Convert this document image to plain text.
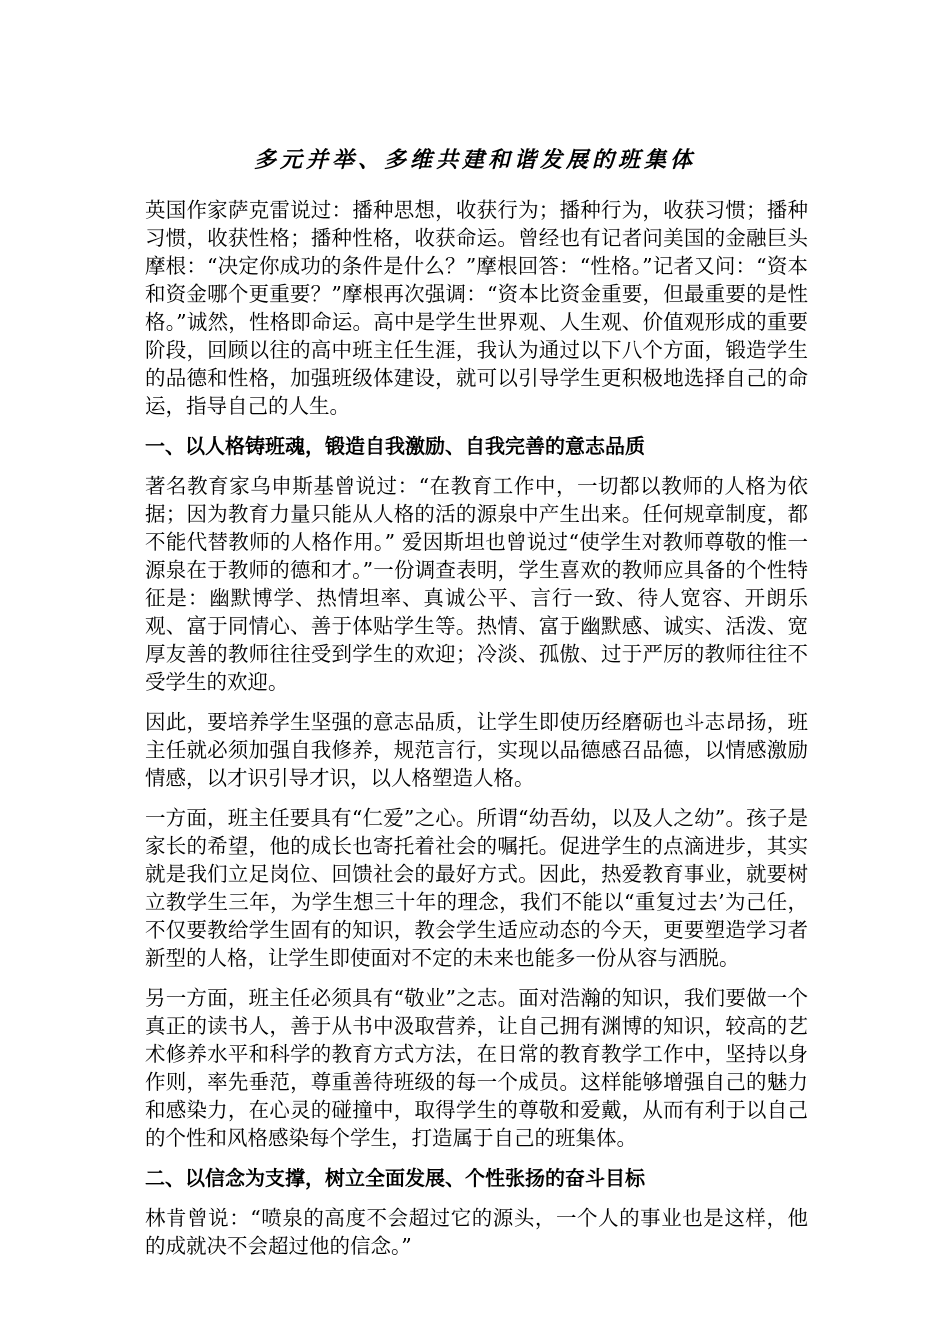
多元并举、多维共建和谐发展的班集体

英国作家萨克雷说过：播种思想，收获行为；播种行为，收获习惯；播种习惯，收获性格；播种性格，收获命运。曾经也有记者问美国的金融巨头摩根：“决定你成功的条件是什么？”摩根回答：“性格。”记者又问：“资本和资金哪个更重要？”摩根再次强调：“资本比资金重要，但最重要的是性格。”诚然，性格即命运。高中是学生世界观、人生观、价值观形成的重要阶段，回顾以往的高中班主任生涯，我认为通过以下八个方面，锻造学生的品德和性格，加强班级体建设，就可以引导学生更积极地选择自己的命运，指导自己的人生。

一、以人格铸班魂，锻造自我激励、自我完善的意志品质

著名教育家乌申斯基曾说过：“在教育工作中，一切都以教师的人格为依据；因为教育力量只能从人格的活的源泉中产生出来。任何规章制度，都不能代替教师的人格作用。” 爱因斯坦也曾说过“使学生对教师尊敬的惟一源泉在于教师的德和才。”一份调查表明，学生喜欢的教师应具备的个性特征是：幽默博学、热情坦率、真诚公平、言行一致、待人宽容、开朗乐观、富于同情心、善于体贴学生等。热情、富于幽默感、诚实、活泼、宽厚友善的教师往往受到学生的欢迎；冷淡、孤傲、过于严厉的教师往往不受学生的欢迎。

因此，要培养学生坚强的意志品质，让学生即使历经磨砺也斗志昂扬，班主任就必须加强自我修养，规范言行，实现以品德感召品德，以情感激励情感，以才识引导才识，以人格塑造人格。

一方面，班主任要具有“仁爱”之心。所谓“幼吾幼，以及人之幼”。孩子是家长的希望，他的成长也寄托着社会的嘱托。促进学生的点滴进步，其实就是我们立足岗位、回馈社会的最好方式。因此，热爱教育事业，就要树立教学生三年，为学生想三十年的理念，我们不能以“重复过去’为己任，不仅要教给学生固有的知识，教会学生适应动态的今天，更要塑造学习者新型的人格，让学生即使面对不定的未来也能多一份从容与洒脱。

另一方面，班主任必须具有“敬业”之志。面对浩瀚的知识，我们要做一个真正的读书人，善于从书中汲取营养，让自己拥有渊博的知识，较高的艺术修养水平和科学的教育方式方法，在日常的教育教学工作中，坚持以身作则，率先垂范，尊重善待班级的每一个成员。这样能够增强自己的魅力和感染力，在心灵的碰撞中，取得学生的尊敬和爱戴，从而有利于以自己的个性和风格感染每个学生，打造属于自己的班集体。

二、以信念为支撑，树立全面发展、个性张扬的奋斗目标

林肯曾说：“喷泉的高度不会超过它的源头，一个人的事业也是这样，他的成就决不会超过他的信念。”
